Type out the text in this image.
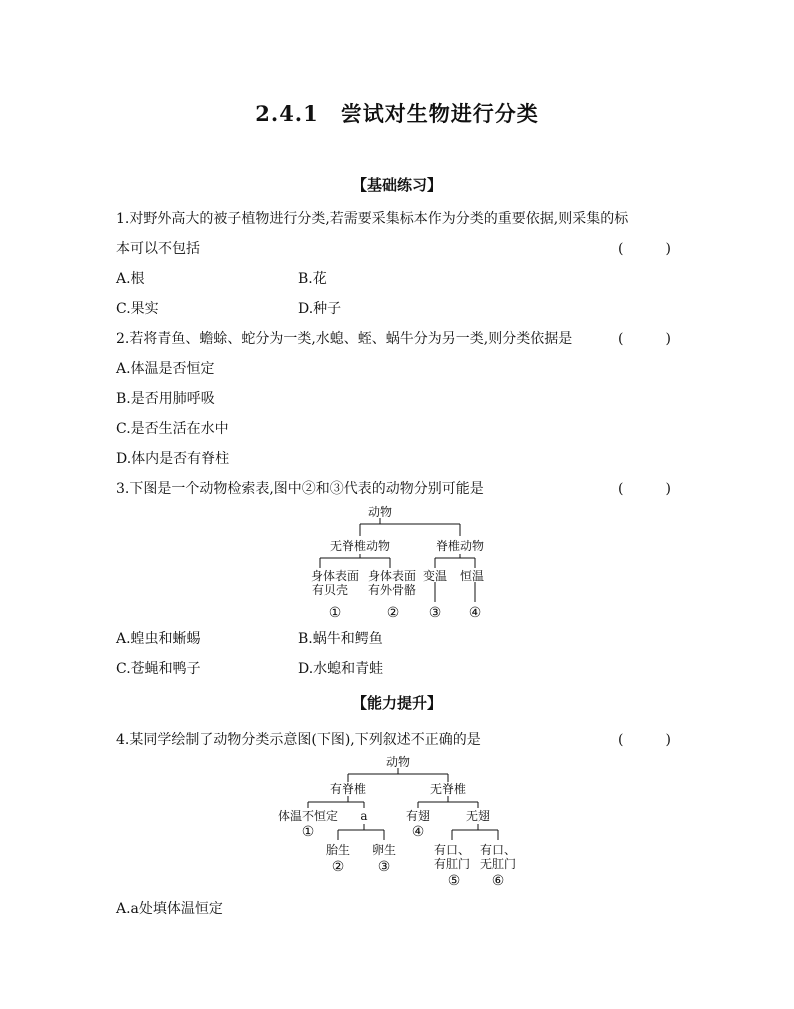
2.4.1　尝试对生物进行分类
【基础练习】
1.对野外高大的被子植物进行分类,若需要采集标本作为分类的重要依据,则采集的标
本可以不包括	(　　　)
A.根	B.花
C.果实	D.种子
2.若将青鱼、蟾蜍、蛇分为一类,水螅、蛭、蜗牛分为另一类,则分类依据是	(　　　)
A.体温是否恒定
B.是否用肺呼吸
C.是否生活在水中
D.体内是否有脊柱
3.下图是一个动物检索表,图中②和③代表的动物分别可能是	(　　　)
动物
无脊椎动物	脊椎动物
身体表面
有贝壳
身体表面
有外骨骼
变温 恒温
①	② ③ ④
A.蝗虫和蜥蜴	B.蜗牛和鳄鱼
C.苍蝇和鸭子	D.水螅和青蛙
【能力提升】
4.某同学绘制了动物分类示意图(下图),下列叙述不正确的是	(　　　)
动物
有脊椎	无脊椎
体温不恒定 a	有翅	无翅
①	④
胎生 卵生
② ③
有口、
有肛门
有口、
无肛门
⑤ ⑥
A.a处填体温恒定
